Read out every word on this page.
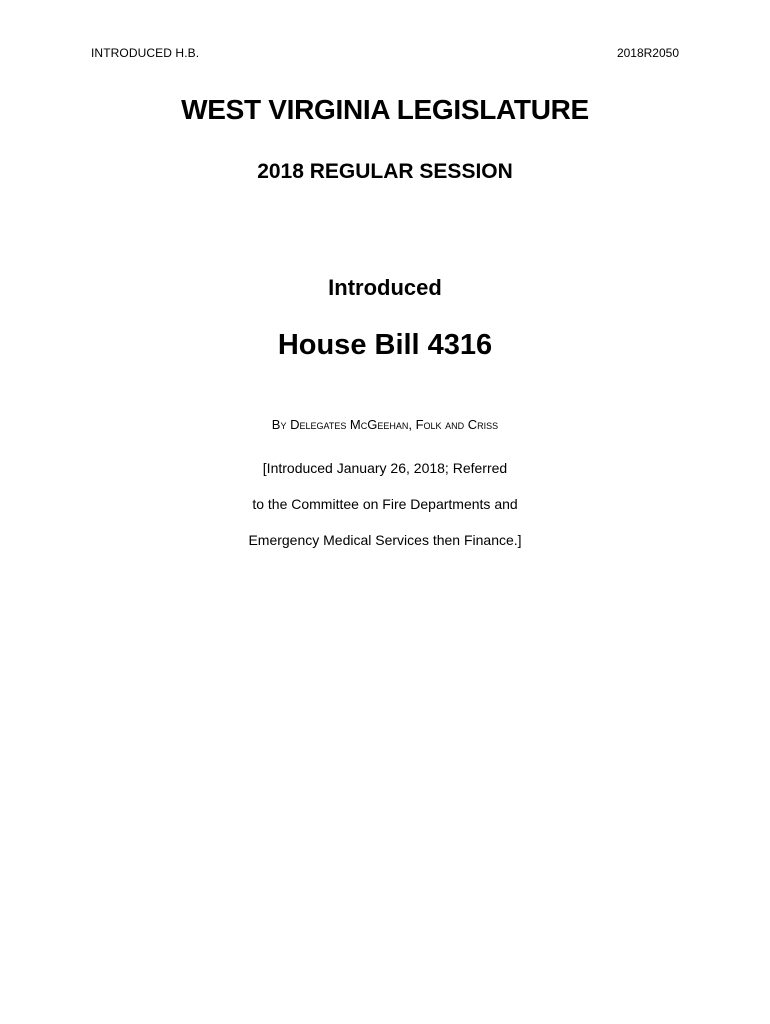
INTRODUCED H.B.	2018R2050
WEST VIRGINIA LEGISLATURE
2018 REGULAR SESSION
Introduced
House Bill 4316
By Delegates McGeehan, Folk and Criss
[Introduced January 26, 2018; Referred
to the Committee on Fire Departments and
Emergency Medical Services then Finance.]
